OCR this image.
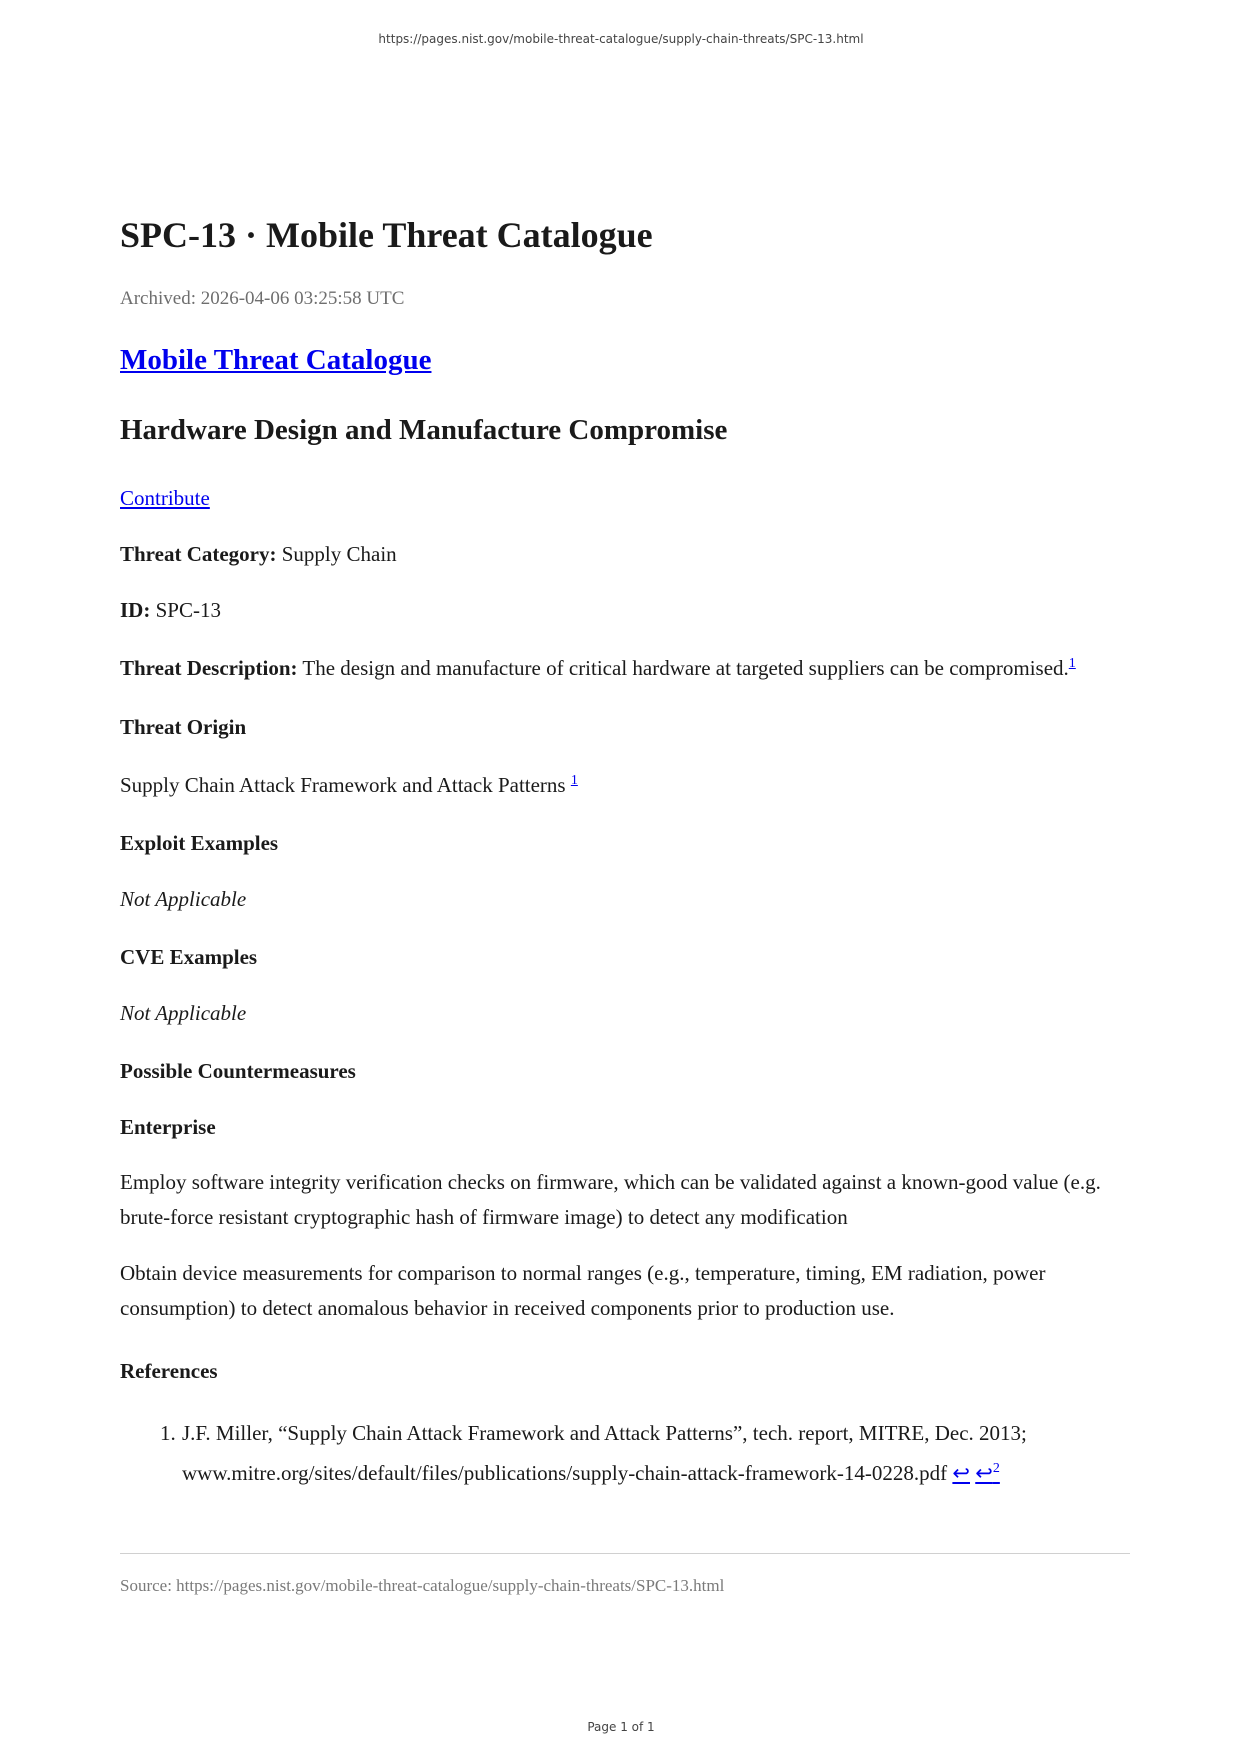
https://pages.nist.gov/mobile-threat-catalogue/supply-chain-threats/SPC-13.html
SPC-13 · Mobile Threat Catalogue
Archived: 2026-04-06 03:25:58 UTC
Mobile Threat Catalogue
Hardware Design and Manufacture Compromise
Contribute
Threat Category: Supply Chain
ID: SPC-13
Threat Description: The design and manufacture of critical hardware at targeted suppliers can be compromised.$^1$
Threat Origin
Supply Chain Attack Framework and Attack Patterns $^1$
Exploit Examples
Not Applicable
CVE Examples
Not Applicable
Possible Countermeasures
Enterprise
Employ software integrity verification checks on firmware, which can be validated against a known-good value (e.g. brute-force resistant cryptographic hash of firmware image) to detect any modification
Obtain device measurements for comparison to normal ranges (e.g., temperature, timing, EM radiation, power consumption) to detect anomalous behavior in received components prior to production use.
References
1. J.F. Miller, “Supply Chain Attack Framework and Attack Patterns”, tech. report, MITRE, Dec. 2013;
www.mitre.org/sites/default/files/publications/supply-chain-attack-framework-14-0228.pdf ↩ ↩$^2$
Source: https://pages.nist.gov/mobile-threat-catalogue/supply-chain-threats/SPC-13.html
Page 1 of 1
